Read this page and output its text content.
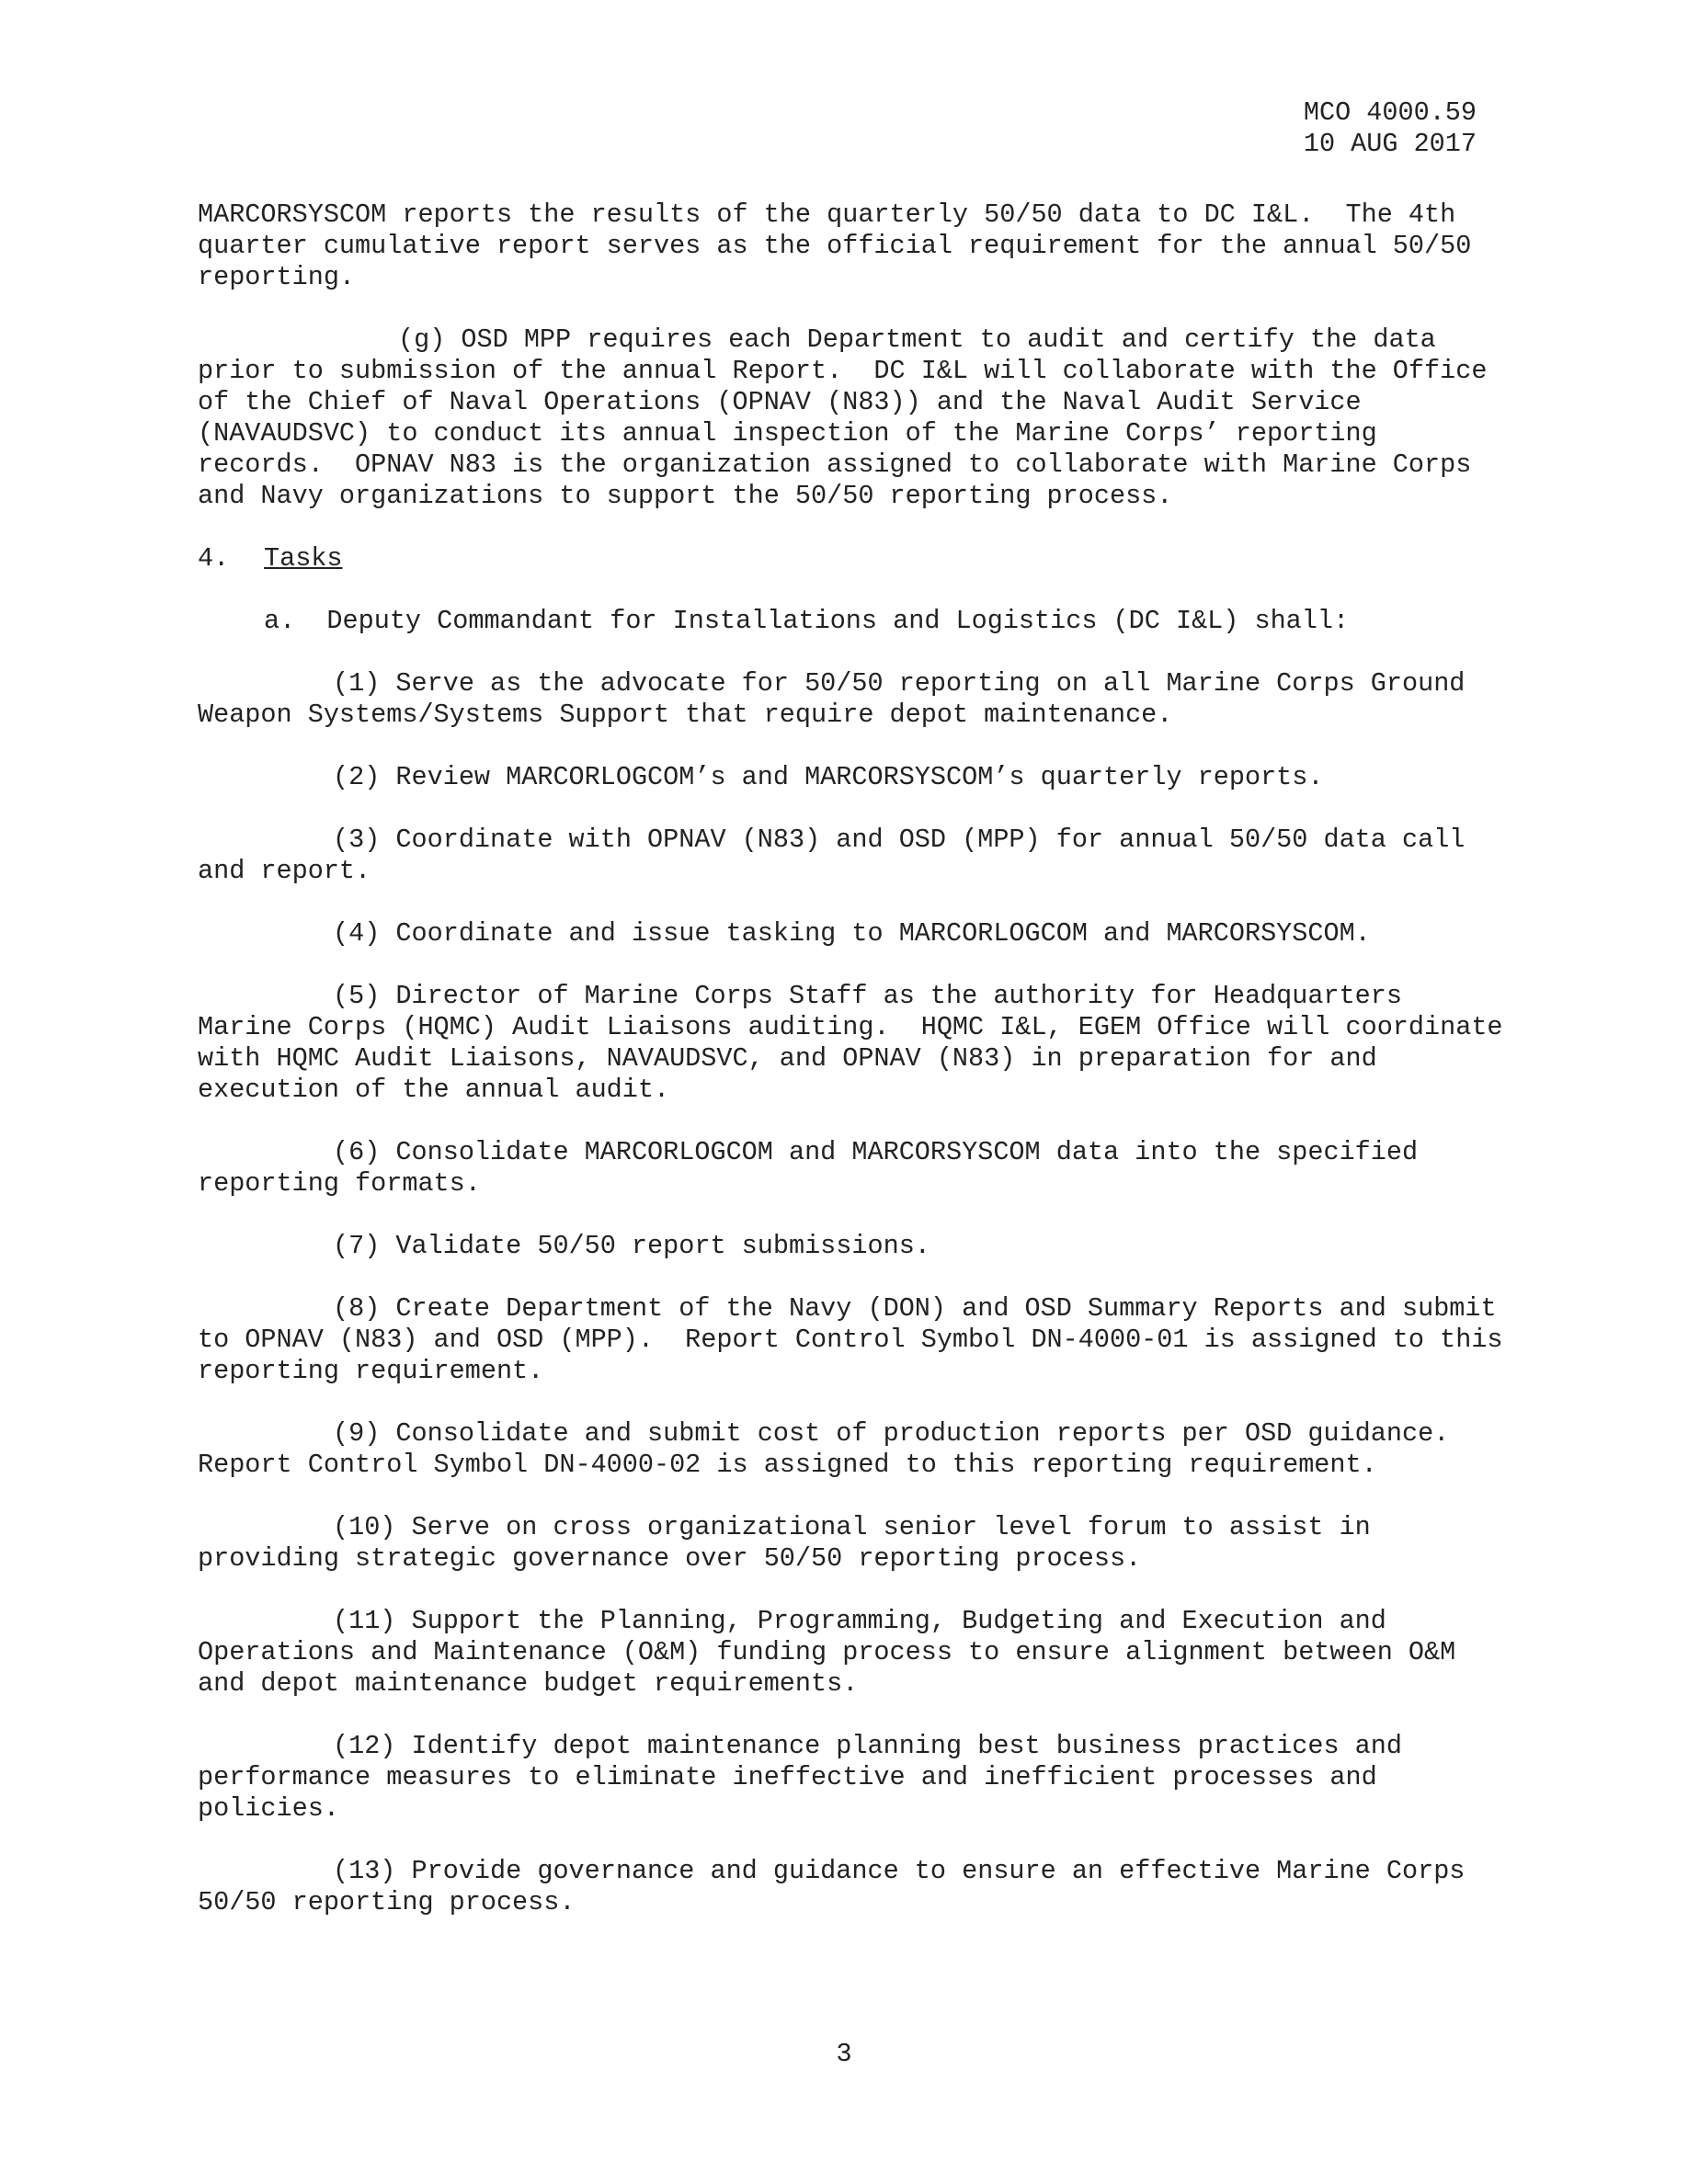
MCO 4000.59
10 AUG 2017

MARCORSYSCOM reports the results of the quarterly 50/50 data to DC I&L.  The 4th quarter cumulative report serves as the official requirement for the annual 50/50 reporting.

(g) OSD MPP requires each Department to audit and certify the data prior to submission of the annual Report.  DC I&L will collaborate with the Office of the Chief of Naval Operations (OPNAV (N83)) and the Naval Audit Service (NAVAUDSVC) to conduct its annual inspection of the Marine Corps’ reporting records.  OPNAV N83 is the organization assigned to collaborate with Marine Corps and Navy organizations to support the 50/50 reporting process.

4. Tasks

a.  Deputy Commandant for Installations and Logistics (DC I&L) shall:

(1) Serve as the advocate for 50/50 reporting on all Marine Corps Ground Weapon Systems/Systems Support that require depot maintenance.

(2) Review MARCORLOGCOM’s and MARCORSYSCOM’s quarterly reports.

(3) Coordinate with OPNAV (N83) and OSD (MPP) for annual 50/50 data call and report.

(4) Coordinate and issue tasking to MARCORLOGCOM and MARCORSYSCOM.

(5) Director of Marine Corps Staff as the authority for Headquarters Marine Corps (HQMC) Audit Liaisons auditing.  HQMC I&L, EGEM Office will coordinate with HQMC Audit Liaisons, NAVAUDSVC, and OPNAV (N83) in preparation for and execution of the annual audit.

(6) Consolidate MARCORLOGCOM and MARCORSYSCOM data into the specified reporting formats.

(7) Validate 50/50 report submissions.

(8) Create Department of the Navy (DON) and OSD Summary Reports and submit to OPNAV (N83) and OSD (MPP).  Report Control Symbol DN-4000-01 is assigned to this reporting requirement.

(9) Consolidate and submit cost of production reports per OSD guidance.  Report Control Symbol DN-4000-02 is assigned to this reporting requirement.

(10) Serve on cross organizational senior level forum to assist in providing strategic governance over 50/50 reporting process.

(11) Support the Planning, Programming, Budgeting and Execution and Operations and Maintenance (O&M) funding process to ensure alignment between O&M and depot maintenance budget requirements.

(12) Identify depot maintenance planning best business practices and performance measures to eliminate ineffective and inefficient processes and policies.

(13) Provide governance and guidance to ensure an effective Marine Corps 50/50 reporting process.

3
